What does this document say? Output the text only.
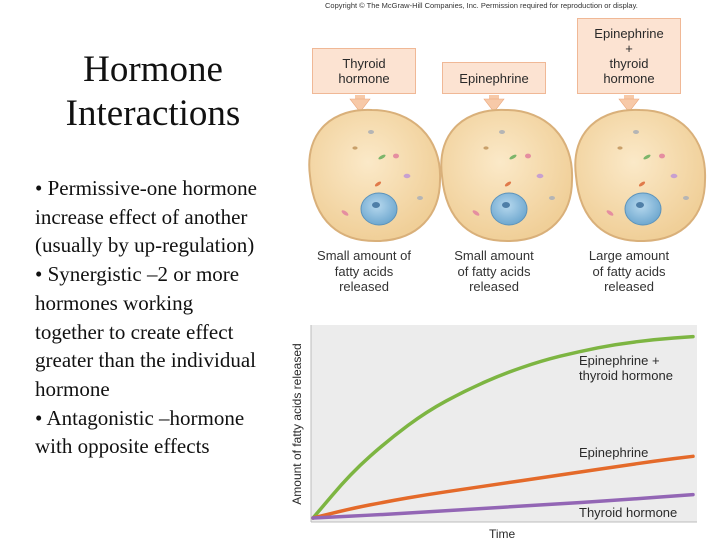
Hormone
Interactions
• Permissive-one hormone
increase effect of another
(usually by up-regulation)
• Synergistic –2 or more
hormones working
together to create effect
greater than the individual
hormone
• Antagonistic –hormone
with opposite effects
Copyright © The McGraw-Hill Companies, Inc. Permission required for reproduction or display.
Thyroid
hormone	Epinephrine
Epinephrine
+
thyroid
hormone
Small amount of
fatty acids
released
Small amount
of fatty acids
released
Large amount
of fatty acids
released
Amount of fatty acids released
Time
Epinephrine +
thyroid hormone
Epinephrine
Thyroid hormone
